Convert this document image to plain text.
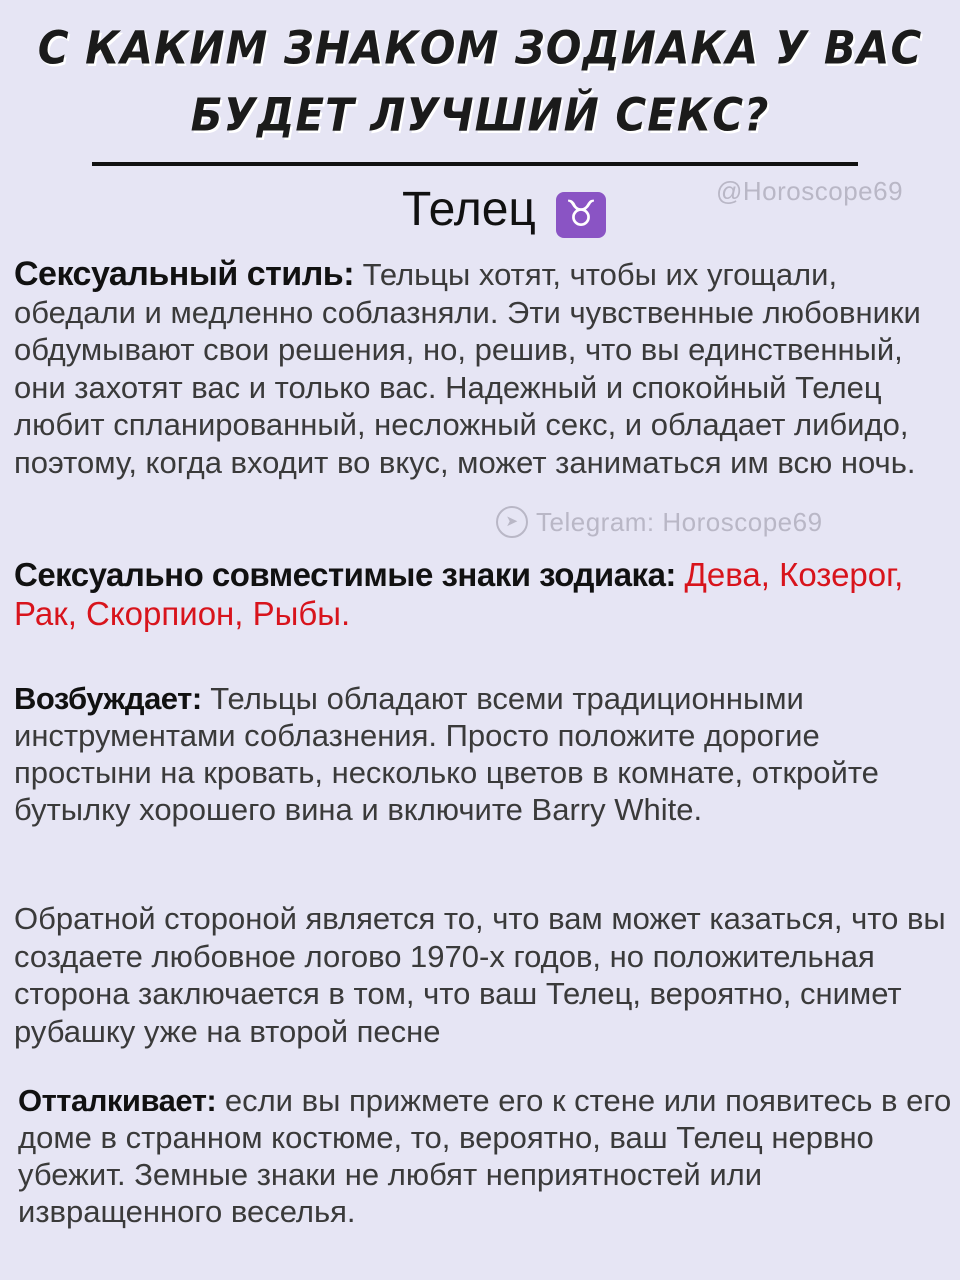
С КАКИМ ЗНАКОМ ЗОДИАКА У ВАС
БУДЕТ ЛУЧШИЙ СЕКС?
@Horoscope69
Телец ♉
Сексуальный стиль: Тельцы хотят, чтобы их угощали, обедали и медленно соблазняли. Эти чувственные любовники обдумывают свои решения, но, решив, что вы единственный, они захотят вас и только вас. Надежный и спокойный Телец любит спланированный, несложный секс, и обладает либидо, поэтому, когда входит во вкус, может заниматься им всю ночь.
➤ Telegram: Horoscope69
Сексуально совместимые знаки зодиака: Дева, Козерог, Рак, Скорпион, Рыбы.
Возбуждает: Тельцы обладают всеми традиционными инструментами соблазнения. Просто положите дорогие простыни на кровать, несколько цветов в комнате, откройте бутылку хорошего вина и включите Barry White.
Обратной стороной является то, что вам может казаться, что вы создаете любовное логово 1970-х годов, но положительная сторона заключается в том, что ваш Телец, вероятно, снимет рубашку уже на второй песне
Отталкивает: если вы прижмете его к стене или появитесь в его доме в странном костюме, то, вероятно, ваш Телец нервно убежит. Земные знаки не любят неприятностей или извращенного веселья.
